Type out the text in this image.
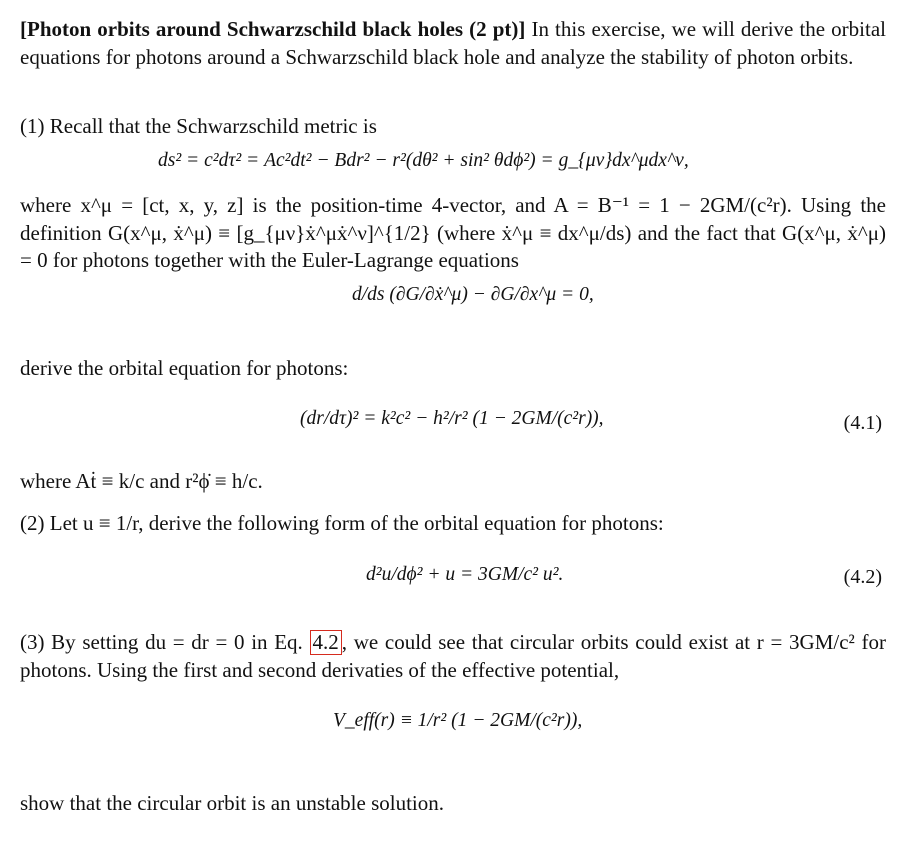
[Photon orbits around Schwarzschild black holes (2 pt)] In this exercise, we will derive the orbital equations for photons around a Schwarzschild black hole and analyze the stability of photon orbits.
(1) Recall that the Schwarzschild metric is
ds² = c²dτ² = Ac²dt² − Bdr² − r²(dθ² + sin² θdϕ²) = g_{μν}dx^μdx^ν,
where x^μ = [ct, x, y, z] is the position-time 4-vector, and A = B⁻¹ = 1 − 2GM/(c²r). Using the definition G(x^μ, ẋ^μ) ≡ [g_{μν}ẋ^μẋ^ν]^{1/2} (where ẋ^μ ≡ dx^μ/ds) and the fact that G(x^μ, ẋ^μ) = 0 for photons together with the Euler-Lagrange equations
d/ds (∂G/∂ẋ^μ) − ∂G/∂x^μ = 0,
derive the orbital equation for photons:
(dr/dτ)² = k²c² − h²/r² (1 − 2GM/(c²r)),	(4.1)
where Aṫ ≡ k/c and r²ϕ̇ ≡ h/c.
(2) Let u ≡ 1/r, derive the following form of the orbital equation for photons:
d²u/dϕ² + u = 3GM/c² u².	(4.2)
(3) By setting du = dr = 0 in Eq. 4.2 , we could see that circular orbits could exist at r = 3GM/c² for photons. Using the first and second derivaties of the effective potential,
V_eff(r) ≡ 1/r² (1 − 2GM/(c²r)),
show that the circular orbit is an unstable solution.
